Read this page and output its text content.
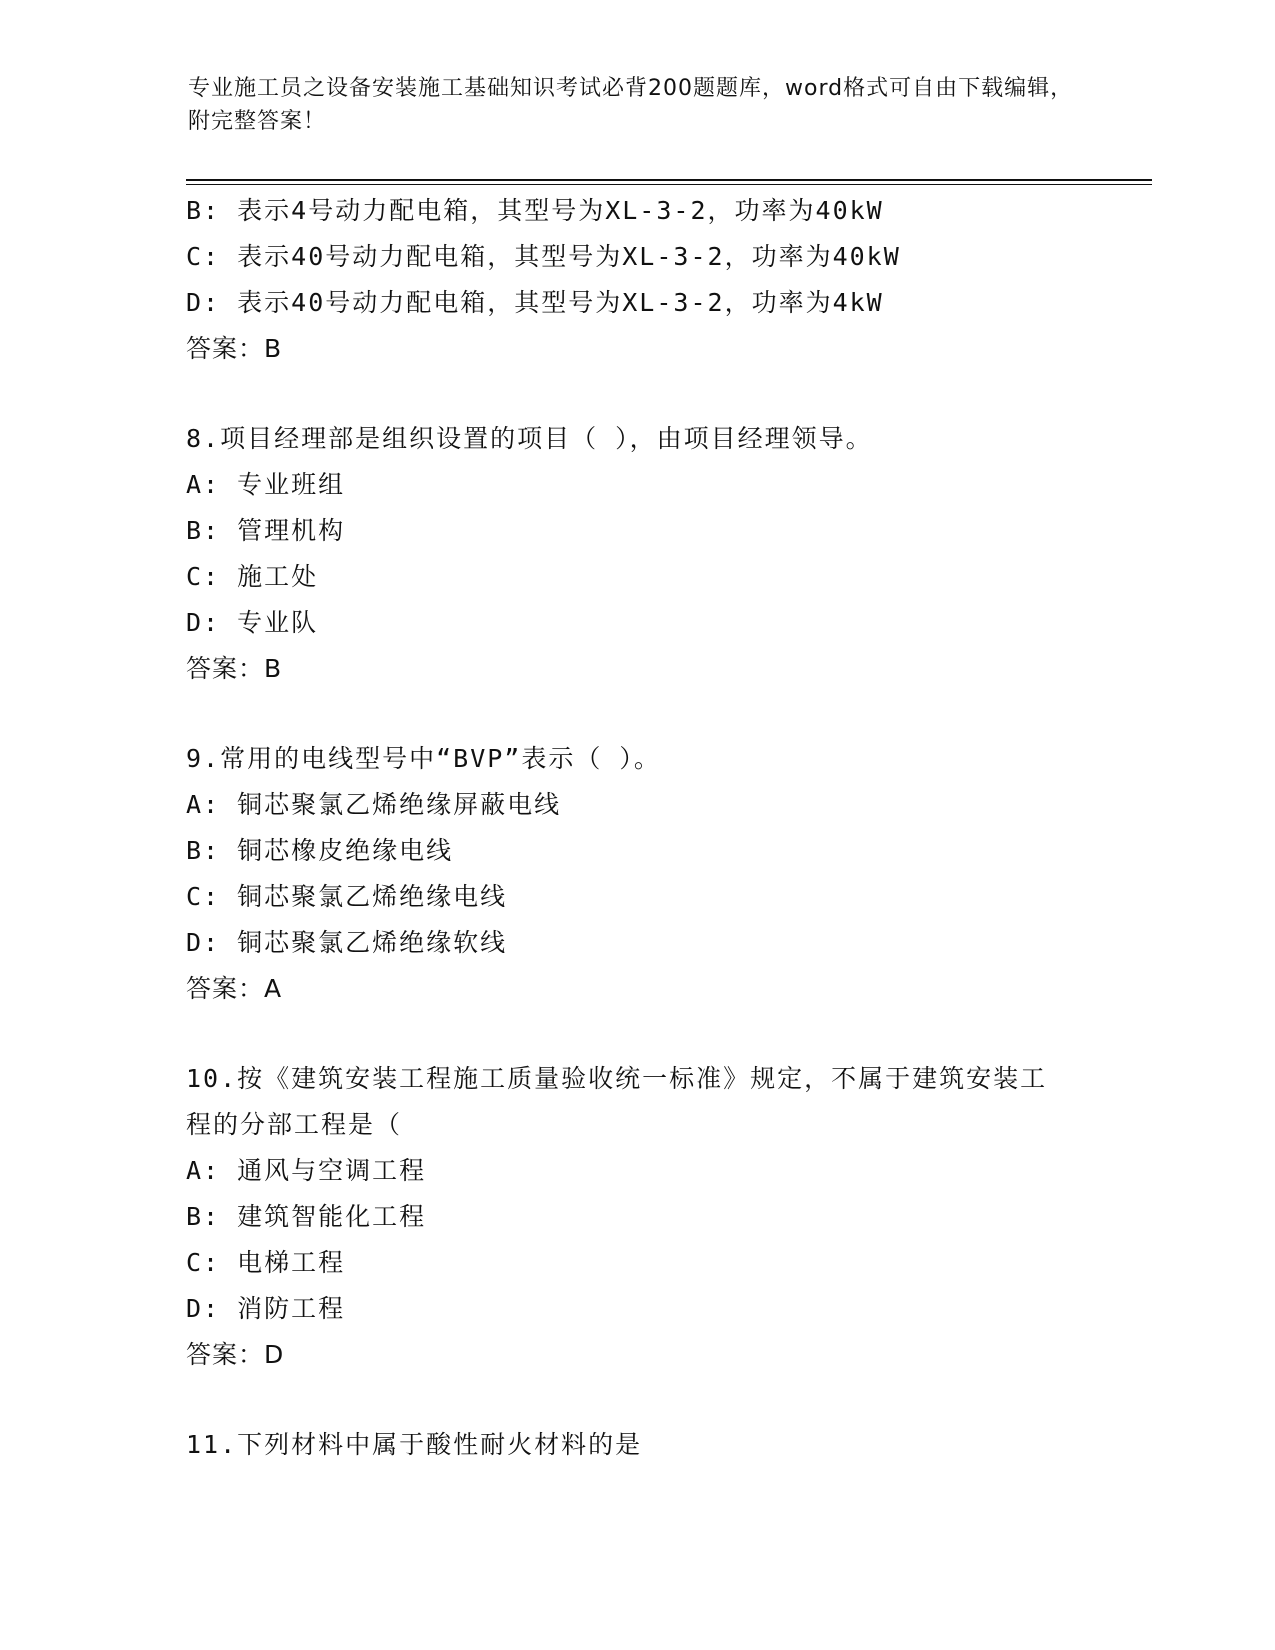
专业施工员之设备安装施工基础知识考试必背200题题库，word格式可自由下载编辑，附完整答案！
B: 表示4号动力配电箱，其型号为XL-3-2，功率为40kW
C: 表示40号动力配电箱，其型号为XL-3-2，功率为40kW
D: 表示40号动力配电箱，其型号为XL-3-2，功率为4kW
答案：B
8.项目经理部是组织设置的项目（ ），由项目经理领导。
A: 专业班组
B: 管理机构
C: 施工处
D: 专业队
答案：B
9.常用的电线型号中“BVP”表示（ ）。
A: 铜芯聚氯乙烯绝缘屏蔽电线
B: 铜芯橡皮绝缘电线
C: 铜芯聚氯乙烯绝缘电线
D: 铜芯聚氯乙烯绝缘软线
答案：A
10.按《建筑安装工程施工质量验收统一标准》规定，不属于建筑安装工程的分部工程是（
A: 通风与空调工程
B: 建筑智能化工程
C: 电梯工程
D: 消防工程
答案：D
11.下列材料中属于酸性耐火材料的是
